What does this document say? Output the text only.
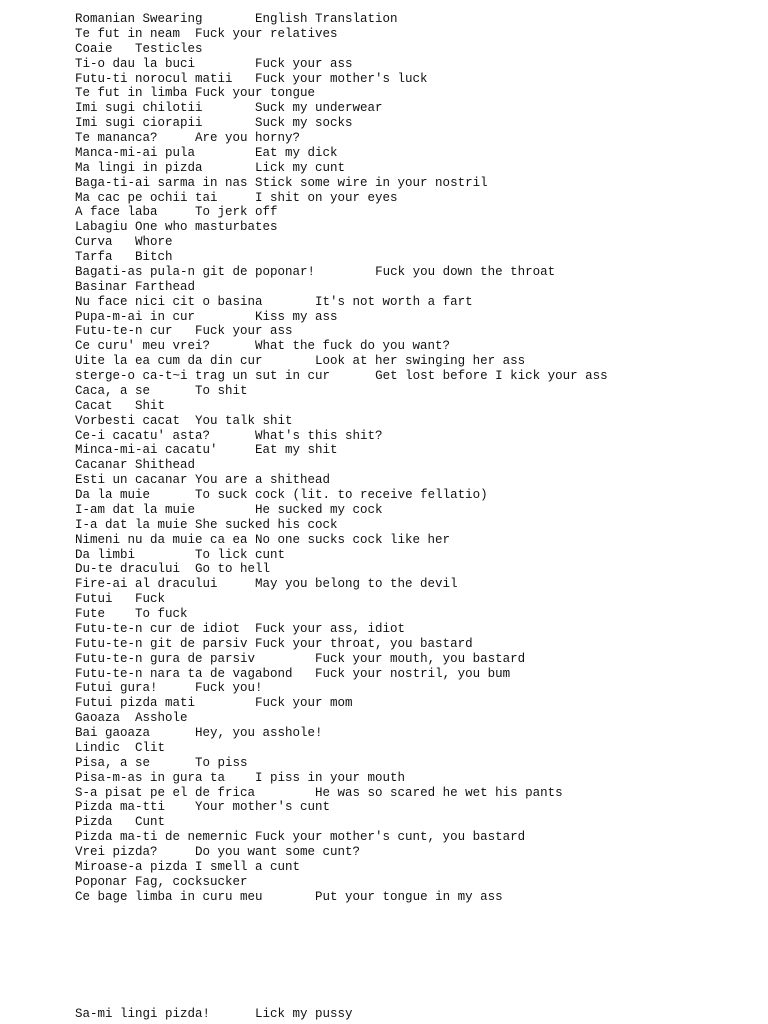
Romanian Swearing	English Translation
Te fut in neam	Fuck your relatives
Coaie	Testicles
Ti-o dau la buci	Fuck your ass
Futu-ti norocul matii	Fuck your mother's luck
Te fut in limba	Fuck your tongue
Imi sugi chilotii	Suck my underwear
Imi sugi ciorapii	Suck my socks
Te mananca?	Are you horny?
Manca-mi-ai pula	Eat my dick
Ma lingi in pizda	Lick my cunt
Baga-ti-ai sarma in nas	Stick some wire in your nostril
Ma cac pe ochii tai	I shit on your eyes
A face laba	To jerk off
Labagiu	One who masturbates
Curva	Whore
Tarfa	Bitch
Bagati-as pula-n git de poponar!	Fuck you down the throat
Basinar	Farthead
Nu face nici cit o basina	It's not worth a fart
Pupa-m-ai in cur	Kiss my ass
Futu-te-n cur	Fuck your ass
Ce curu' meu vrei?	What the fuck do you want?
Uite la ea cum da din cur	Look at her swinging her ass
sterge-o ca-t~i trag un sut in cur	Get lost before I kick your ass
Caca, a se	To shit
Cacat	Shit
Vorbesti cacat	You talk shit
Ce-i cacatu' asta?	What's this shit?
Minca-mi-ai cacatu'	Eat my shit
Cacanar	Shithead
Esti un cacanar	You are a shithead
Da la muie	To suck cock (lit. to receive fellatio)
I-am dat la muie	He sucked my cock
I-a dat la muie	She sucked his cock
Nimeni nu da muie ca ea	No one sucks cock like her
Da limbi	To lick cunt
Du-te dracului	Go to hell
Fire-ai al dracului	May you belong to the devil
Futui	Fuck
Fute	To fuck
Futu-te-n cur de idiot	Fuck your ass, idiot
Futu-te-n git de parsiv	Fuck your throat, you bastard
Futu-te-n gura de parsiv	Fuck your mouth, you bastard
Futu-te-n nara ta de vagabond	Fuck your nostril, you bum
Futui gura!	Fuck you!
Futui pizda mati	Fuck your mom
Gaoaza	Asshole
Bai gaoaza	Hey, you asshole!
Lindic	Clit
Pisa, a se	To piss
Pisa-m-as in gura ta	I piss in your mouth
S-a pisat pe el de frica	He was so scared he wet his pants
Pizda ma-tti	Your mother's cunt
Pizda	Cunt
Pizda ma-ti de nemernic	Fuck your mother's cunt, you bastard
Vrei pizda?	Do you want some cunt?
Miroase-a pizda	I smell a cunt
Poponar	Fag, cocksucker
Ce bage limba in curu meu	Put your tongue in my ass
Sa-mi lingi pizda!	Lick my pussy
